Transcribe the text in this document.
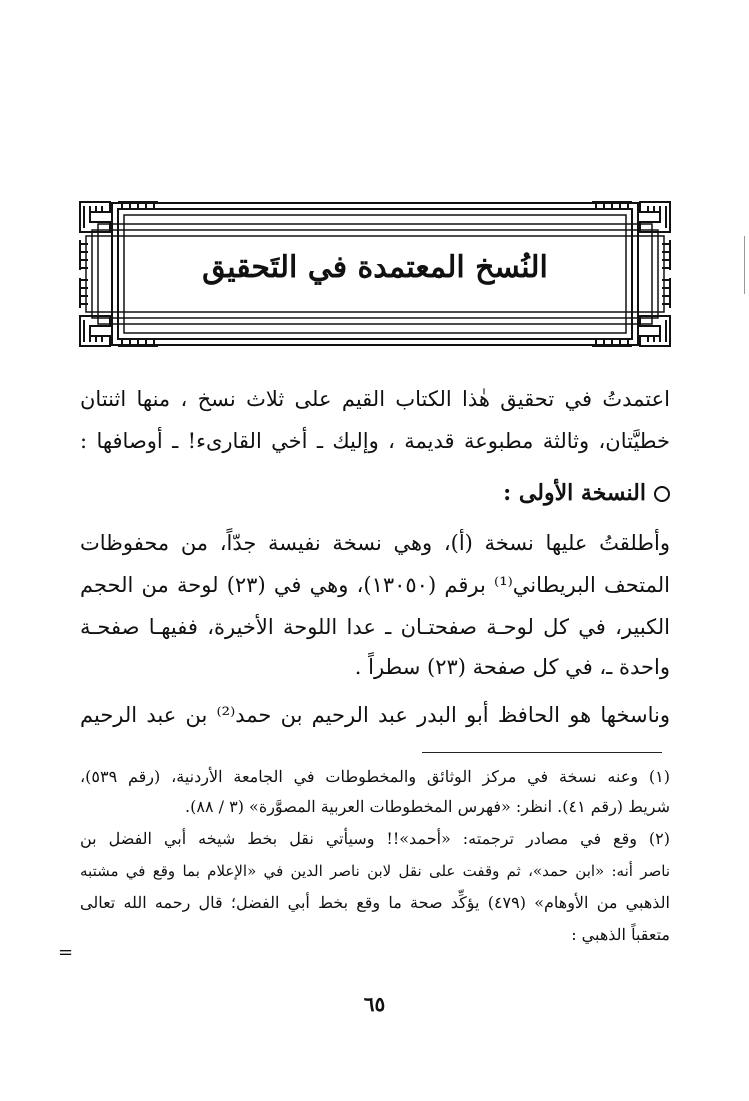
النُسخ المعتمدة في التَحقيق
اعتمدتُ في تحقيق هٰذا الكتاب القيم على ثلاث نسخ ، منها اثنتان
خطيَّتان، وثالثة مطبوعة قديمة ، وإليك ـ أخي القارىء! ـ أوصافها :
النسخة الأولى :
وأطلقتُ عليها نسخة (أ)، وهي نسخة نفيسة جدّاً، من محفوظات
المتحف البريطاني⁽¹⁾ برقم (١٣٠٥٠)، وهي في (٢٣) لوحة من الحجم
الكبير، في كل لوحـة صفحتـان ـ عدا اللوحة الأخيرة، ففيهـا صفحـة
واحدة ـ، في كل صفحة (٢٣) سطراً .
وناسخها هو الحافظ أبو البدر عبد الرحيم بن حمد⁽²⁾ بن عبد الرحيم
(١) وعنه نسخة في مركز الوثائق والمخطوطات في الجامعة الأردنية، (رقم ٥٣٩)،
شريط (رقم ٤١). انظر: «فهرس المخطوطات العربية المصوَّرة» (٣ / ٨٨).
(٢) وقع في مصادر ترجمته: «أحمد»!! وسيأتي نقل بخط شيخه أبي الفضل بن
ناصر أنه: «ابن حمد»، ثم وقفت على نقل لابن ناصر الدين في «الإعلام بما وقع في مشتبه
الذهبي من الأوهام» (٤٧٩) يؤكِّد صحة ما وقع بخط أبي الفضل؛ قال رحمه الله تعالى
متعقباً الذهبي :
=
٦٥
